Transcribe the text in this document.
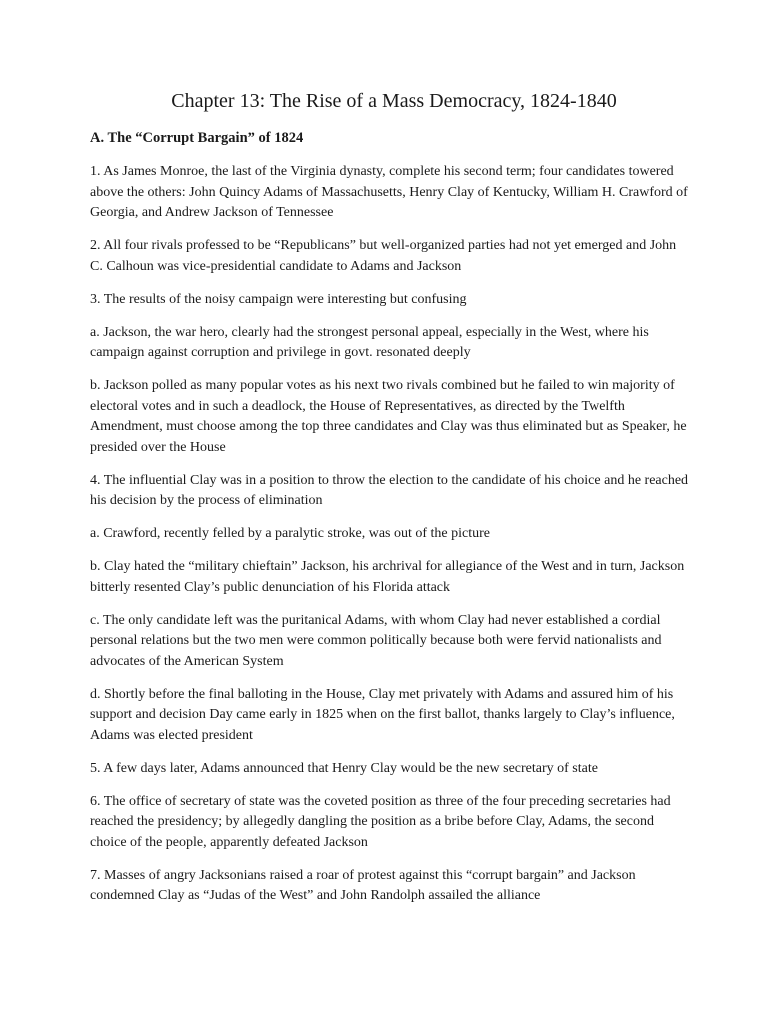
Chapter 13: The Rise of a Mass Democracy, 1824-1840
A. The “Corrupt Bargain” of 1824

1. As James Monroe, the last of the Virginia dynasty, complete his second term; four candidates towered above the others: John Quincy Adams of Massachusetts, Henry Clay of Kentucky, William H. Crawford of Georgia, and Andrew Jackson of Tennessee

2. All four rivals professed to be “Republicans” but well-organized parties had not yet emerged and John C. Calhoun was vice-presidential candidate to Adams and Jackson

3. The results of the noisy campaign were interesting but confusing

a. Jackson, the war hero, clearly had the strongest personal appeal, especially in the West, where his campaign against corruption and privilege in govt. resonated deeply

b. Jackson polled as many popular votes as his next two rivals combined but he failed to win majority of electoral votes and in such a deadlock, the House of Representatives, as directed by the Twelfth Amendment, must choose among the top three candidates and Clay was thus eliminated but as Speaker, he presided over the House

4. The influential Clay was in a position to throw the election to the candidate of his choice and he reached his decision by the process of elimination

a. Crawford, recently felled by a paralytic stroke, was out of the picture

b. Clay hated the “military chieftain” Jackson, his archrival for allegiance of the West and in turn, Jackson bitterly resented Clay’s public denunciation of his Florida attack

c. The only candidate left was the puritanical Adams, with whom Clay had never established a cordial personal relations but the two men were common politically because both were fervid nationalists and advocates of the American System

d. Shortly before the final balloting in the House, Clay met privately with Adams and assured him of his support and decision Day came early in 1825 when on the first ballot, thanks largely to Clay’s influence, Adams was elected president

5. A few days later, Adams announced that Henry Clay would be the new secretary of state

6. The office of secretary of state was the coveted position as three of the four preceding secretaries had reached the presidency; by allegedly dangling the position as a bribe before Clay, Adams, the second choice of the people, apparently defeated Jackson

7. Masses of angry Jacksonians raised a roar of protest against this “corrupt bargain” and Jackson condemned Clay as “Judas of the West” and John Randolph assailed the alliance
